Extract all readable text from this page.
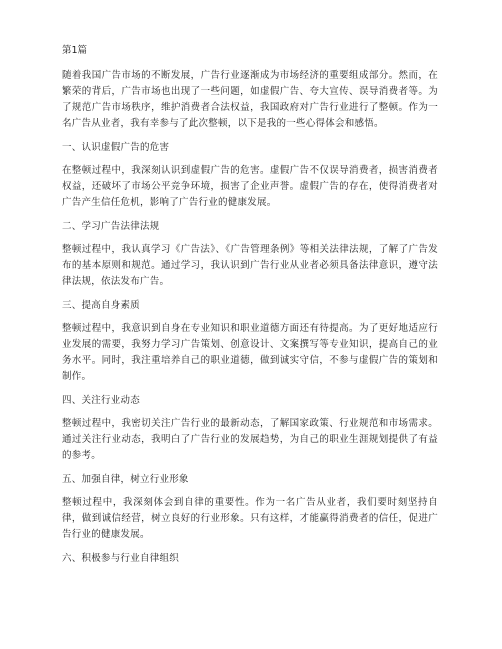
第1篇

随着我国广告市场的不断发展，广告行业逐渐成为市场经济的重要组成部分。然而，在繁荣的背后，广告市场也出现了一些问题，如虚假广告、夸大宣传、误导消费者等。为了规范广告市场秩序，维护消费者合法权益，我国政府对广告行业进行了整顿。作为一名广告从业者，我有幸参与了此次整顿，以下是我的一些心得体会和感悟。

一、认识虚假广告的危害

在整顿过程中，我深刻认识到虚假广告的危害。虚假广告不仅误导消费者，损害消费者权益，还破坏了市场公平竞争环境，损害了企业声誉。虚假广告的存在，使得消费者对广告产生信任危机，影响了广告行业的健康发展。

二、学习广告法律法规

整顿过程中，我认真学习《广告法》、《广告管理条例》等相关法律法规，了解了广告发布的基本原则和规范。通过学习，我认识到广告行业从业者必须具备法律意识，遵守法律法规，依法发布广告。

三、提高自身素质

整顿过程中，我意识到自身在专业知识和职业道德方面还有待提高。为了更好地适应行业发展的需要，我努力学习广告策划、创意设计、文案撰写等专业知识，提高自己的业务水平。同时，我注重培养自己的职业道德，做到诚实守信，不参与虚假广告的策划和制作。

四、关注行业动态

整顿过程中，我密切关注广告行业的最新动态，了解国家政策、行业规范和市场需求。通过关注行业动态，我明白了广告行业的发展趋势，为自己的职业生涯规划提供了有益的参考。

五、加强自律，树立行业形象

整顿过程中，我深刻体会到自律的重要性。作为一名广告从业者，我们要时刻坚持自律，做到诚信经营，树立良好的行业形象。只有这样，才能赢得消费者的信任，促进广告行业的健康发展。

六、积极参与行业自律组织
